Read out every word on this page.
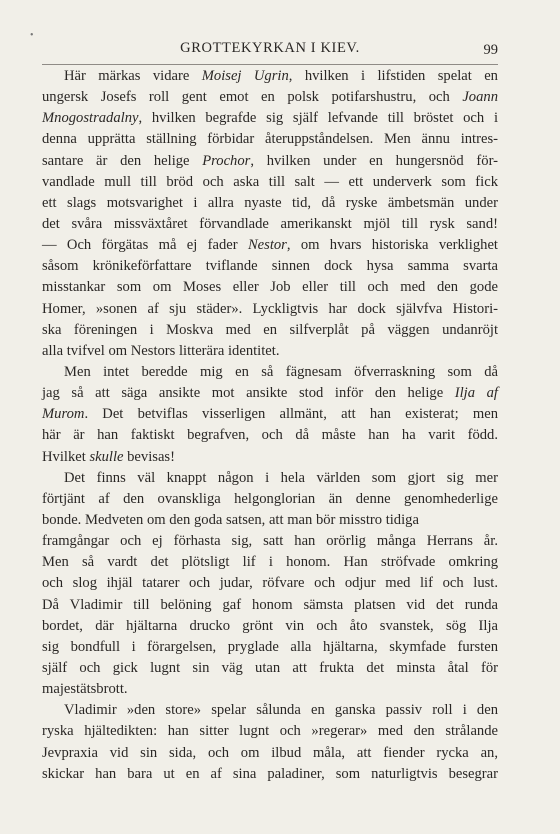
•
GROTTEKYRKAN I KIEV.	99
Här märkas vidare Moisej Ugrin, hvilken i lifstiden spelat en
ungersk Josefs roll gent emot en polsk potifarshustru, och Joann
Mnogostradalny, hvilken begrafde sig själf lefvande till bröstet och i
denna upprätta ställning förbidar återuppståndelsen. Men ännu intres-
santare är den helige Prochor, hvilken under en hungersnöd för-
vandlade mull till bröd och aska till salt — ett underverk som fick
ett slags motsvarighet i allra nyaste tid, då ryske ämbetsmän under
det svåra missväxtåret förvandlade amerikanskt mjöl till rysk sand!
— Och förgätas må ej fader Nestor, om hvars historiska verklighet
såsom krönikeförfattare tviflande sinnen dock hysa samma svarta
misstankar som om Moses eller Job eller till och med den gode
Homer, »sonen af sju städer». Lyckligtvis har dock självfva Histori-
ska föreningen i Moskva med en silfverplåt på väggen undanröjt
alla tvifvel om Nestors litterära identitet.
Men intet beredde mig en så fägnesam öfverraskning som då
jag så att säga ansikte mot ansikte stod inför den helige Ilja af
Murom. Det betviflas visserligen allmänt, att han existerat; men
här är han faktiskt begrafven, och då måste han ha varit född.
Hvilket skulle bevisas!
Det finns väl knappt någon i hela världen som gjort sig mer
förtjänt af den ovanskliga helgonglorian än denne genomhederlige
bonde. Medveten om den goda satsen, att man bör misstro tidiga
framgångar och ej förhasta sig, satt han orörlig många Herrans år.
Men så vardt det plötsligt lif i honom. Han ströfvade omkring
och slog ihjäl tatarer och judar, röfvare och odjur med lif och lust.
Då Vladimir till belöning gaf honom sämsta platsen vid det runda
bordet, där hjältarna drucko grönt vin och åto svanstek, sög Ilja
sig bondfull i förargelsen, pryglade alla hjältarna, skymfade fursten
själf och gick lugnt sin väg utan att frukta det minsta åtal för
majestätsbrott.
Vladimir »den store» spelar sålunda en ganska passiv roll i den
ryska hjältedikten: han sitter lugnt och »regerar» med den strålande
Jevpraxia vid sin sida, och om ilbud måla, att fiender rycka an,
skickar han bara ut en af sina paladiner, som naturligtvis besegrar
